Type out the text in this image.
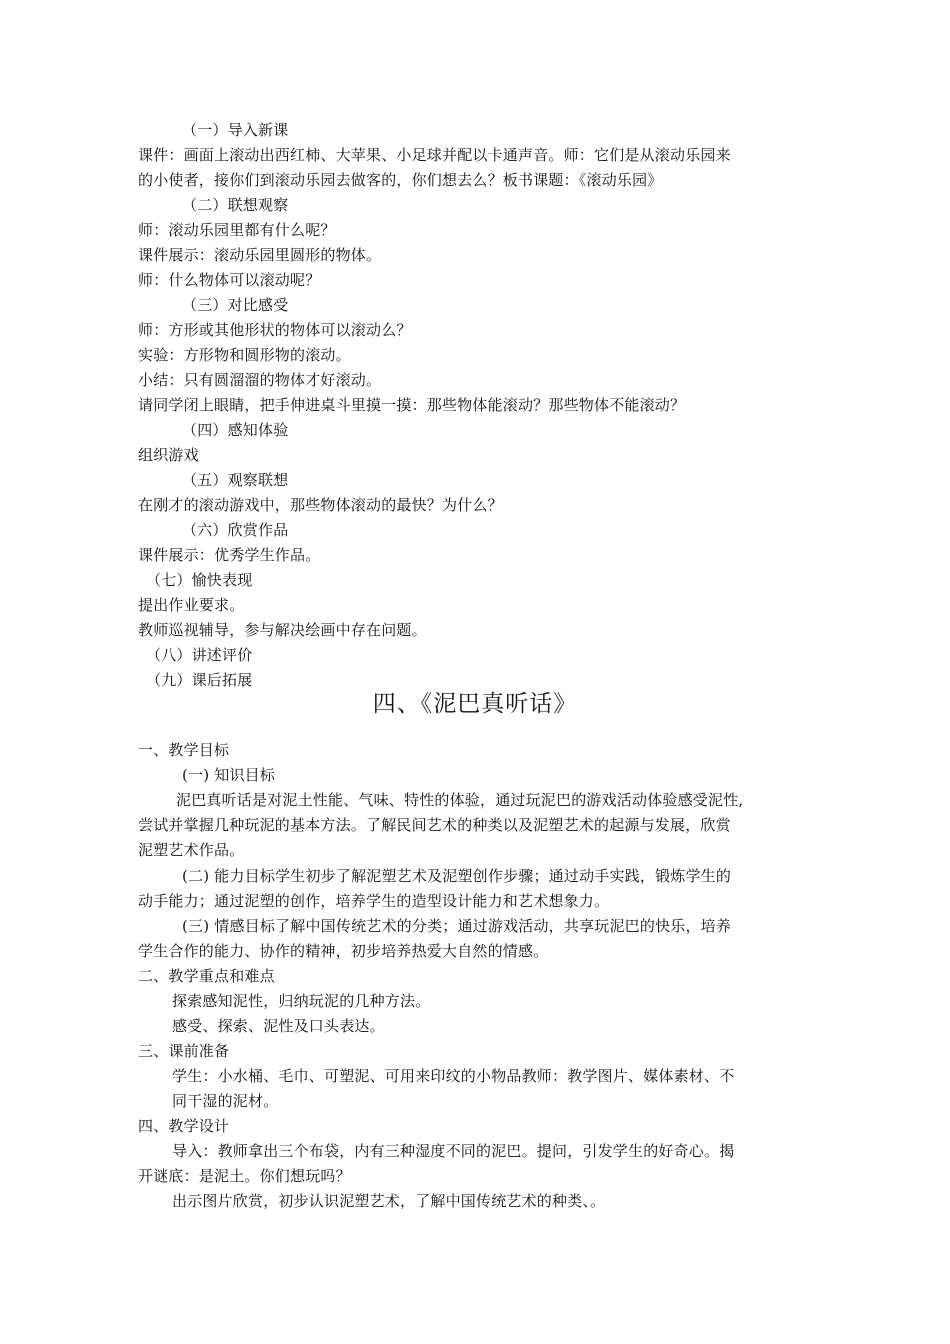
（一）导入新课
课件：画面上滚动出西红柿、大苹果、小足球并配以卡通声音。师：它们是从滚动乐园来
的小使者，接你们到滚动乐园去做客的，你们想去么？板书课题：《滚动乐园》
（二）联想观察
师：滚动乐园里都有什么呢？
课件展示：滚动乐园里圆形的物体。
师：什么物体可以滚动呢？
（三）对比感受
师：方形或其他形状的物体可以滚动么？
实验：方形物和圆形物的滚动。
小结：只有圆溜溜的物体才好滚动。
请同学闭上眼睛，把手伸进桌斗里摸一摸：那些物体能滚动？那些物体不能滚动？
（四）感知体验
组织游戏
（五）观察联想
在刚才的滚动游戏中，那些物体滚动的最快？为什么？
（六）欣赏作品
课件展示：优秀学生作品。
（七）愉快表现
提出作业要求。
教师巡视辅导，参与解决绘画中存在问题。
（八）讲述评价
（九）课后拓展
四、《泥巴真听话》
一、教学目标
(一) 知识目标
泥巴真听话是对泥土性能、气味、特性的体验，通过玩泥巴的游戏活动体验感受泥性,
尝试并掌握几种玩泥的基本方法。了解民间艺术的种类以及泥塑艺术的起源与发展，欣赏
泥塑艺术作品。
(二) 能力目标学生初步了解泥塑艺术及泥塑创作步骤；通过动手实践，锻炼学生的
动手能力；通过泥塑的创作，培养学生的造型设计能力和艺术想象力。
(三) 情感目标了解中国传统艺术的分类；通过游戏活动，共享玩泥巴的快乐，培养
学生合作的能力、协作的精神，初步培养热爱大自然的情感。
二、教学重点和难点
探索感知泥性，归纳玩泥的几种方法。
感受、探索、泥性及口头表达。
三、课前准备
学生：小水桶、毛巾、可塑泥、可用来印纹的小物品教师：教学图片、媒体素材、不
同干湿的泥材。
四、教学设计
导入：教师拿出三个布袋，内有三种湿度不同的泥巴。提问，引发学生的好奇心。揭
开谜底：是泥土。你们想玩吗？
出示图片欣赏，初步认识泥塑艺术，了解中国传统艺术的种类、。
